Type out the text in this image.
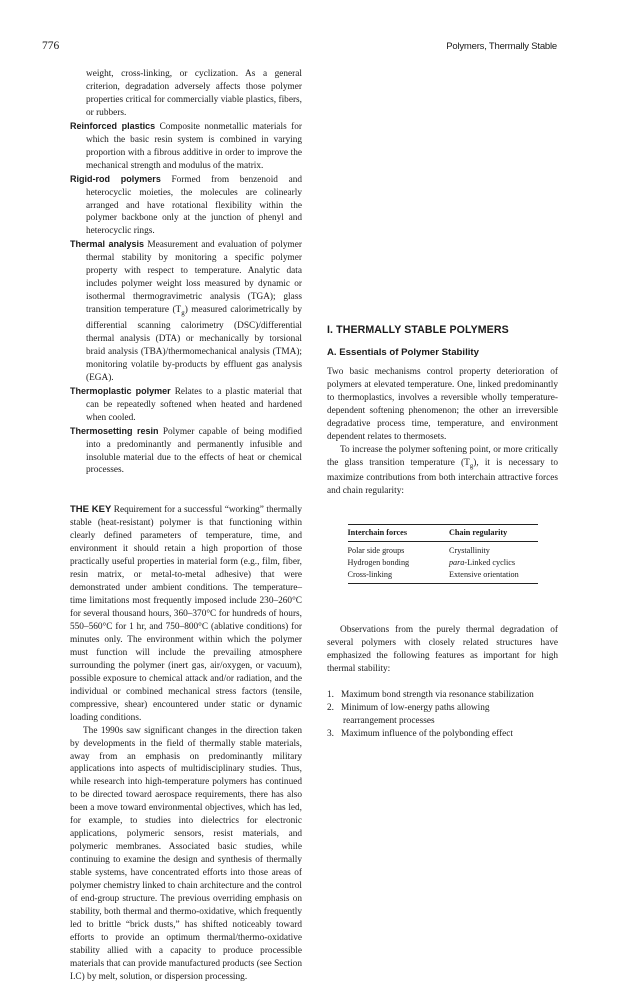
776	Polymers, Thermally Stable

weight, cross-linking, or cyclization. As a general criterion, degradation adversely affects those polymer properties critical for commercially viable plastics, fibers, or rubbers.

Reinforced plastics Composite nonmetallic materials for which the basic resin system is combined in varying proportion with a fibrous additive in order to improve the mechanical strength and modulus of the matrix.

Rigid-rod polymers Formed from benzenoid and heterocyclic moieties, the molecules are colinearly arranged and have rotational flexibility within the polymer backbone only at the junction of phenyl and heterocyclic rings.

Thermal analysis Measurement and evaluation of polymer thermal stability by monitoring a specific polymer property with respect to temperature. Analytic data includes polymer weight loss measured by dynamic or isothermal thermogravimetric analysis (TGA); glass transition temperature $(T_g)$ measured calorimetrically by differential scanning calorimetry (DSC)/differential thermal analysis (DTA) or mechanically by torsional braid analysis (TBA)/thermomechanical analysis (TMA); monitoring volatile by-products by effluent gas analysis (EGA).

Thermoplastic polymer Relates to a plastic material that can be repeatedly softened when heated and hardened when cooled.

Thermosetting resin Polymer capable of being modified into a predominantly and permanently infusible and insoluble material due to the effects of heat or chemical processes.

THE KEY Requirement for a successful “working” thermally stable (heat-resistant) polymer is that functioning within clearly defined parameters of temperature, time, and environment it should retain a high proportion of those practically useful properties in material form (e.g., film, fiber, resin matrix, or metal-to-metal adhesive) that were demonstrated under ambient conditions. The temperature–time limitations most frequently imposed include 230–260°C for several thousand hours, 360–370°C for hundreds of hours, 550–560°C for 1 hr, and 750–800°C (ablative conditions) for minutes only. The environment within which the polymer must function will include the prevailing atmosphere surrounding the polymer (inert gas, air/oxygen, or vacuum), possible exposure to chemical attack and/or radiation, and the individual or combined mechanical stress factors (tensile, compressive, shear) encountered under static or dynamic loading conditions.

The 1990s saw significant changes in the direction taken by developments in the field of thermally stable materials, away from an emphasis on predominantly military applications into aspects of multidisciplinary studies. Thus, while research into high-temperature polymers has continued to be directed toward aerospace requirements, there has also been a move toward environmental objectives, which has led, for example, to studies into dielectrics for electronic applications, polymeric sensors, resist materials, and polymeric membranes. Associated basic studies, while continuing to examine the design and synthesis of thermally stable systems, have concentrated efforts into those areas of polymer chemistry linked to chain architecture and the control of end-group structure. The previous overriding emphasis on stability, both thermal and thermo-oxidative, which frequently led to brittle “brick dusts,” has shifted noticeably toward efforts to provide an optimum thermal/thermo-oxidative stability allied with a capacity to produce processible materials that can provide manufactured products (see Section I.C) by melt, solution, or dispersion processing.

I. THERMALLY STABLE POLYMERS

A. Essentials of Polymer Stability

Two basic mechanisms control property deterioration of polymers at elevated temperature. One, linked predominantly to thermoplastics, involves a reversible wholly temperature-dependent softening phenomenon; the other an irreversible degradative process time, temperature, and environment dependent relates to thermosets.

To increase the polymer softening point, or more critically the glass transition temperature $(T_g)$, it is necessary to maximize contributions from both interchain attractive forces and chain regularity:

Interchain forces	Chain regularity
Polar side groups	Crystallinity
Hydrogen bonding	para-Linked cyclics
Cross-linking	Extensive orientation

Observations from the purely thermal degradation of several polymers with closely related structures have emphasized the following features as important for high thermal stability:

1. Maximum bond strength via resonance stabilization
2. Minimum of low-energy paths allowing
rearrangement processes
3. Maximum influence of the polybonding effect
